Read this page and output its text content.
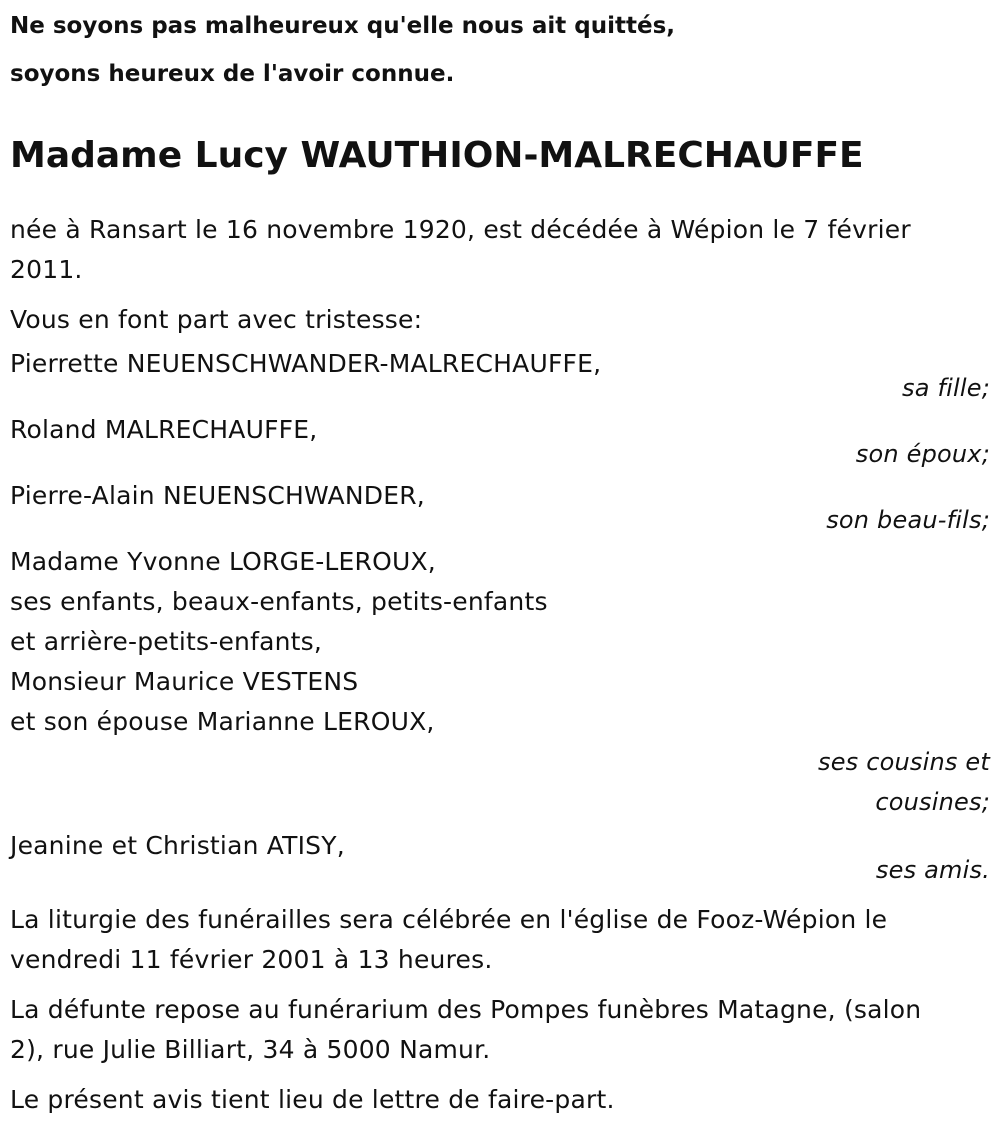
Ne soyons pas malheureux qu'elle nous ait quittés,
soyons heureux de l'avoir connue.
Madame Lucy WAUTHION-MALRECHAUFFE
née à Ransart le 16 novembre 1920, est décédée à Wépion le 7 février
2011.
Vous en font part avec tristesse:
Pierrette NEUENSCHWANDER-MALRECHAUFFE,
sa fille;
Roland MALRECHAUFFE,
son époux;
Pierre-Alain NEUENSCHWANDER,
son beau-fils;
Madame Yvonne LORGE-LEROUX,
ses enfants, beaux-enfants, petits-enfants
et arrière-petits-enfants,
Monsieur Maurice VESTENS
et son épouse Marianne LEROUX,
ses cousins et
cousines;
Jeanine et Christian ATISY,
ses amis.
La liturgie des funérailles sera célébrée en l'église de Fooz-Wépion le
vendredi 11 février 2001 à 13 heures.
La défunte repose au funérarium des Pompes funèbres Matagne, (salon
2), rue Julie Billiart, 34 à 5000 Namur.
Le présent avis tient lieu de lettre de faire-part.
